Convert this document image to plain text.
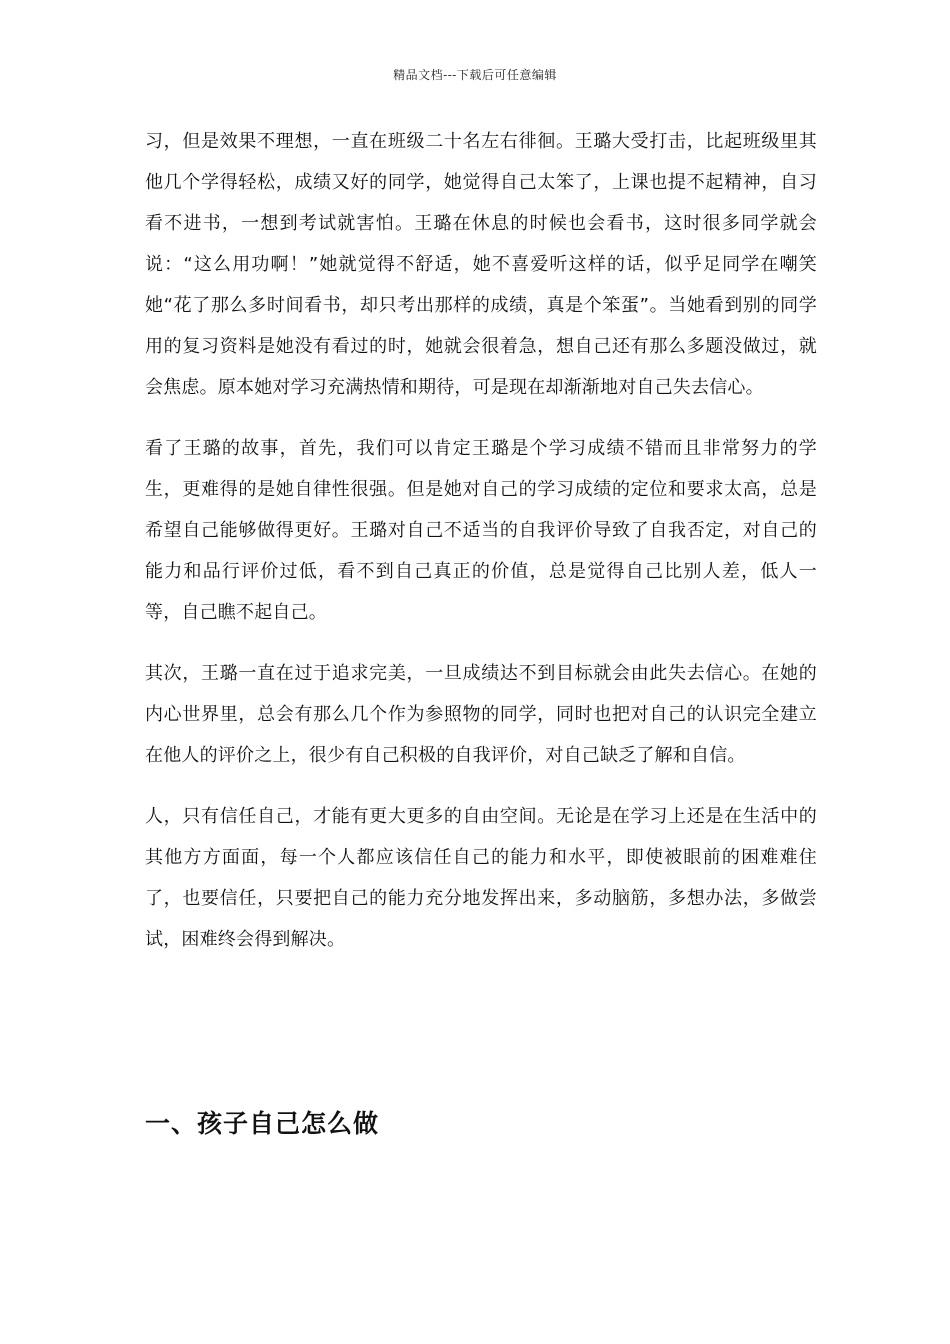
精品文档---下载后可任意编辑

习，但是效果不理想，一直在班级二十名左右徘徊。王璐大受打击，比起班级里其他几个学得轻松，成绩又好的同学，她觉得自己太笨了，上课也提不起精神，自习看不进书，一想到考试就害怕。王璐在休息的时候也会看书，这时很多同学就会说：“这么用功啊！”她就觉得不舒适，她不喜爱听这样的话，似乎足同学在嘲笑她“花了那么多时间看书，却只考出那样的成绩，真是个笨蛋”。当她看到别的同学用的复习资料是她没有看过的时，她就会很着急，想自己还有那么多题没做过，就会焦虑。原本她对学习充满热情和期待，可是现在却渐渐地对自己失去信心。

看了王璐的故事，首先，我们可以肯定王璐是个学习成绩不错而且非常努力的学生，更难得的是她自律性很强。但是她对自己的学习成绩的定位和要求太高，总是希望自己能够做得更好。王璐对自己不适当的自我评价导致了自我否定，对自己的能力和品行评价过低，看不到自己真正的价值，总是觉得自己比别人差，低人一等，自己瞧不起自己。

其次，王璐一直在过于追求完美，一旦成绩达不到目标就会由此失去信心。在她的内心世界里，总会有那么几个作为参照物的同学，同时也把对自己的认识完全建立在他人的评价之上，很少有自己积极的自我评价，对自己缺乏了解和自信。

人，只有信任自己，才能有更大更多的自由空间。无论是在学习上还是在生活中的其他方方面面，每一个人都应该信任自己的能力和水平，即使被眼前的困难难住了，也要信任，只要把自己的能力充分地发挥出来，多动脑筋，多想办法，多做尝试，困难终会得到解决。

一、孩子自己怎么做
